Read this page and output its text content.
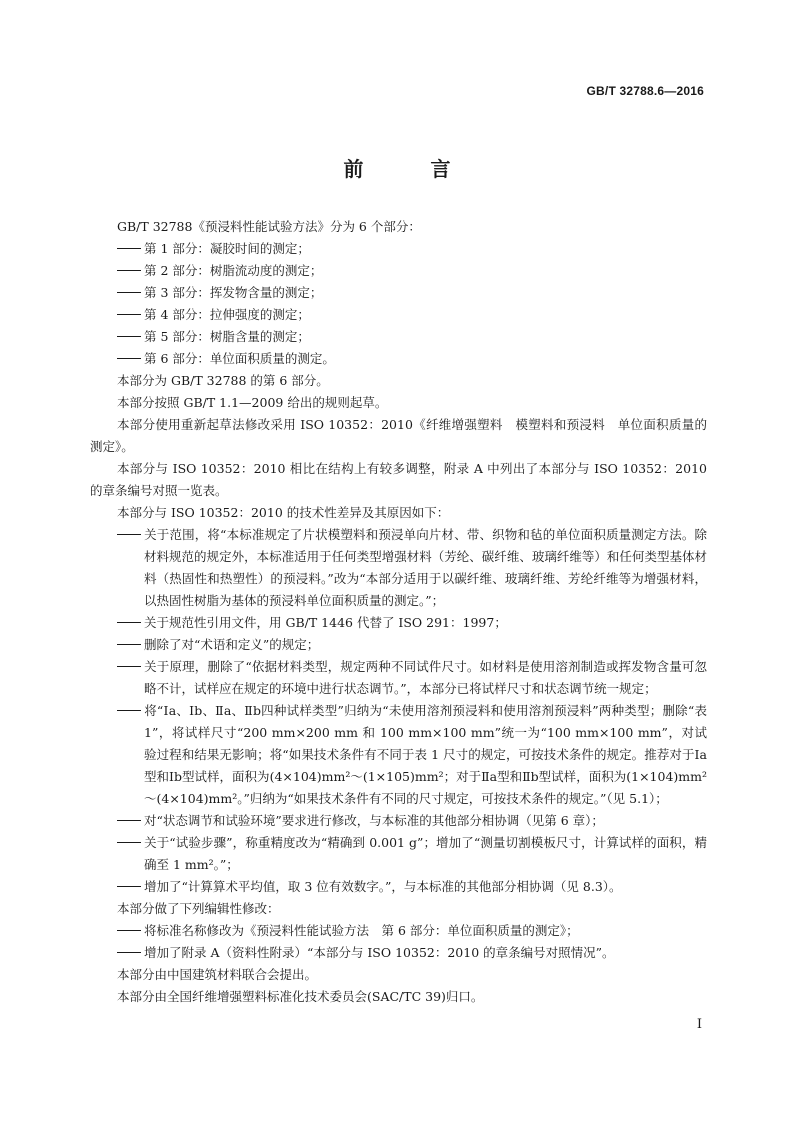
GB/T 32788.6—2016
前 言
GB/T 32788《预浸料性能试验方法》分为 6 个部分：
第 1 部分：凝胶时间的测定；
第 2 部分：树脂流动度的测定；
第 3 部分：挥发物含量的测定；
第 4 部分：拉伸强度的测定；
第 5 部分：树脂含量的测定；
第 6 部分：单位面积质量的测定。
本部分为 GB/T 32788 的第 6 部分。
本部分按照 GB/T 1.1—2009 给出的规则起草。
本部分使用重新起草法修改采用 ISO 10352：2010《纤维增强塑料　模塑料和预浸料　单位面积质量的测定》。
本部分与 ISO 10352：2010 相比在结构上有较多调整，附录 A 中列出了本部分与 ISO 10352：2010 的章条编号对照一览表。
本部分与 ISO 10352：2010 的技术性差异及其原因如下：
关于范围，将“本标准规定了片状模塑料和预浸单向片材、带、织物和毡的单位面积质量测定方法。除材料规范的规定外，本标准适用于任何类型增强材料（芳纶、碳纤维、玻璃纤维等）和任何类型基体材料（热固性和热塑性）的预浸料。”改为“本部分适用于以碳纤维、玻璃纤维、芳纶纤维等为增强材料，以热固性树脂为基体的预浸料单位面积质量的测定。”；
关于规范性引用文件，用 GB/T 1446 代替了 ISO 291：1997；
删除了对“术语和定义”的规定；
关于原理，删除了“依据材料类型，规定两种不同试件尺寸。如材料是使用溶剂制造或挥发物含量可忽略不计，试样应在规定的环境中进行状态调节。”，本部分已将试样尺寸和状态调节统一规定；
将“Ⅰa、Ⅰb、Ⅱa、Ⅱb四种试样类型”归纳为“未使用溶剂预浸料和使用溶剂预浸料”两种类型；删除“表 1”，将试样尺寸“200 mm×200 mm 和 100 mm×100 mm”统一为“100 mm×100 mm”，对试验过程和结果无影响；将“如果技术条件有不同于表 1 尺寸的规定，可按技术条件的规定。推荐对于Ⅰa型和Ⅰb型试样，面积为(4×104)mm²～(1×105)mm²；对于Ⅱa型和Ⅱb型试样，面积为(1×104)mm²～(4×104)mm²。”归纳为“如果技术条件有不同的尺寸规定，可按技术条件的规定。”（见 5.1）；
对“状态调节和试验环境”要求进行修改，与本标准的其他部分相协调（见第 6 章）；
关于“试验步骤”，称重精度改为“精确到 0.001 g”；增加了“测量切割模板尺寸，计算试样的面积，精确至 1 mm²。”；
增加了“计算算术平均值，取 3 位有效数字。”，与本标准的其他部分相协调（见 8.3）。
本部分做了下列编辑性修改：
将标准名称修改为《预浸料性能试验方法　第 6 部分：单位面积质量的测定》；
增加了附录 A（资料性附录）“本部分与 ISO 10352：2010 的章条编号对照情况”。
本部分由中国建筑材料联合会提出。
本部分由全国纤维增强塑料标准化技术委员会(SAC/TC 39)归口。
Ⅰ
